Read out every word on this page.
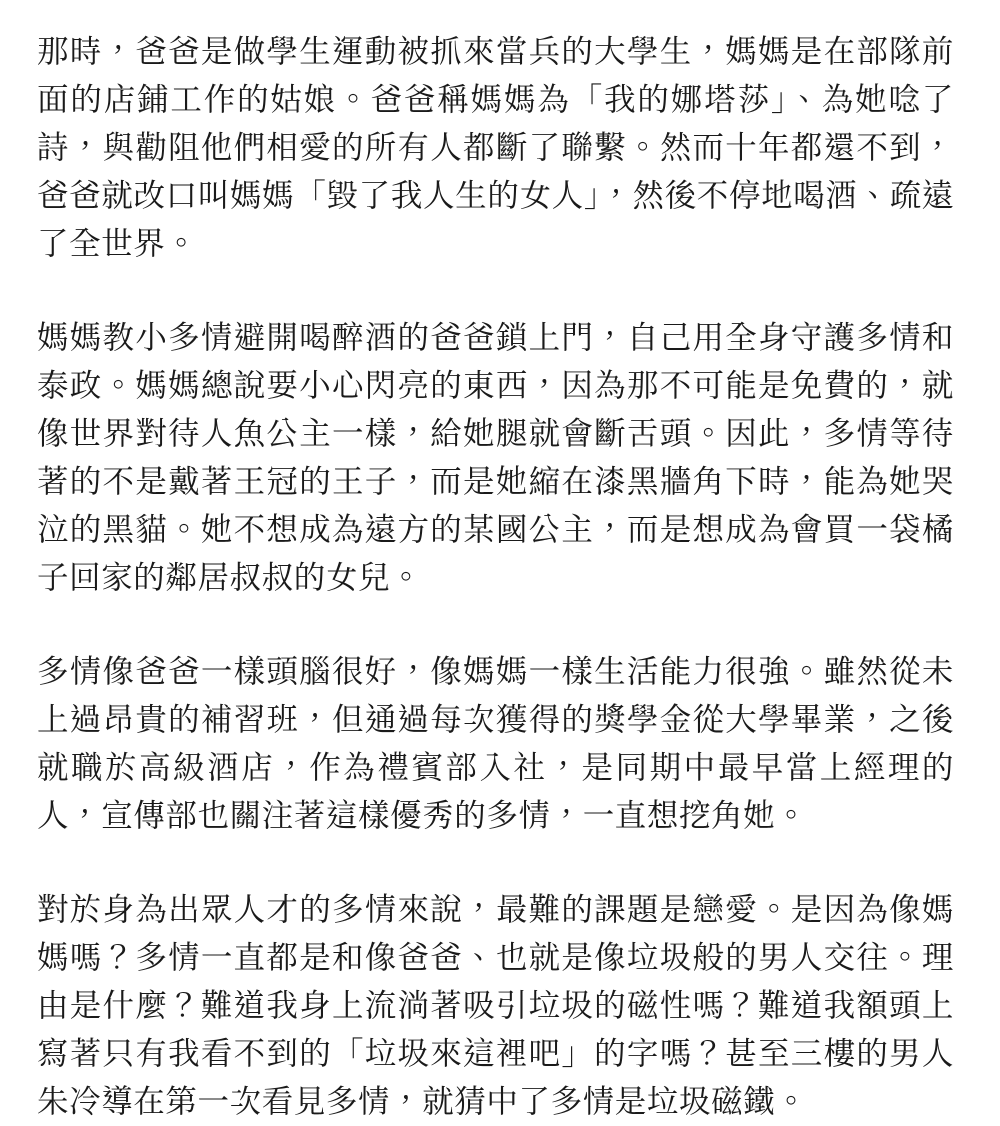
那時，爸爸是做學生運動被抓來當兵的大學生，媽媽是在部隊前面的店鋪工作的姑娘。爸爸稱媽媽為「我的娜塔莎」、為她唸了詩，與勸阻他們相愛的所有人都斷了聯繫。然而十年都還不到，爸爸就改口叫媽媽「毀了我人生的女人」，然後不停地喝酒、疏遠了全世界。

媽媽教小多情避開喝醉酒的爸爸鎖上門，自己用全身守護多情和泰政。媽媽總說要小心閃亮的東西，因為那不可能是免費的，就像世界對待人魚公主一樣，給她腿就會斷舌頭。因此，多情等待著的不是戴著王冠的王子，而是她縮在漆黑牆角下時，能為她哭泣的黑貓。她不想成為遠方的某國公主，而是想成為會買一袋橘子回家的鄰居叔叔的女兒。

多情像爸爸一樣頭腦很好，像媽媽一樣生活能力很強。雖然從未上過昂貴的補習班，但通過每次獲得的獎學金從大學畢業，之後就職於高級酒店，作為禮賓部入社，是同期中最早當上經理的人，宣傳部也關注著這樣優秀的多情，一直想挖角她。

對於身為出眾人才的多情來說，最難的課題是戀愛。是因為像媽媽嗎？多情一直都是和像爸爸、也就是像垃圾般的男人交往。理由是什麼？難道我身上流淌著吸引垃圾的磁性嗎？難道我額頭上寫著只有我看不到的「垃圾來這裡吧」的字嗎？甚至三樓的男人朱冷導在第一次看見多情，就猜中了多情是垃圾磁鐵。
